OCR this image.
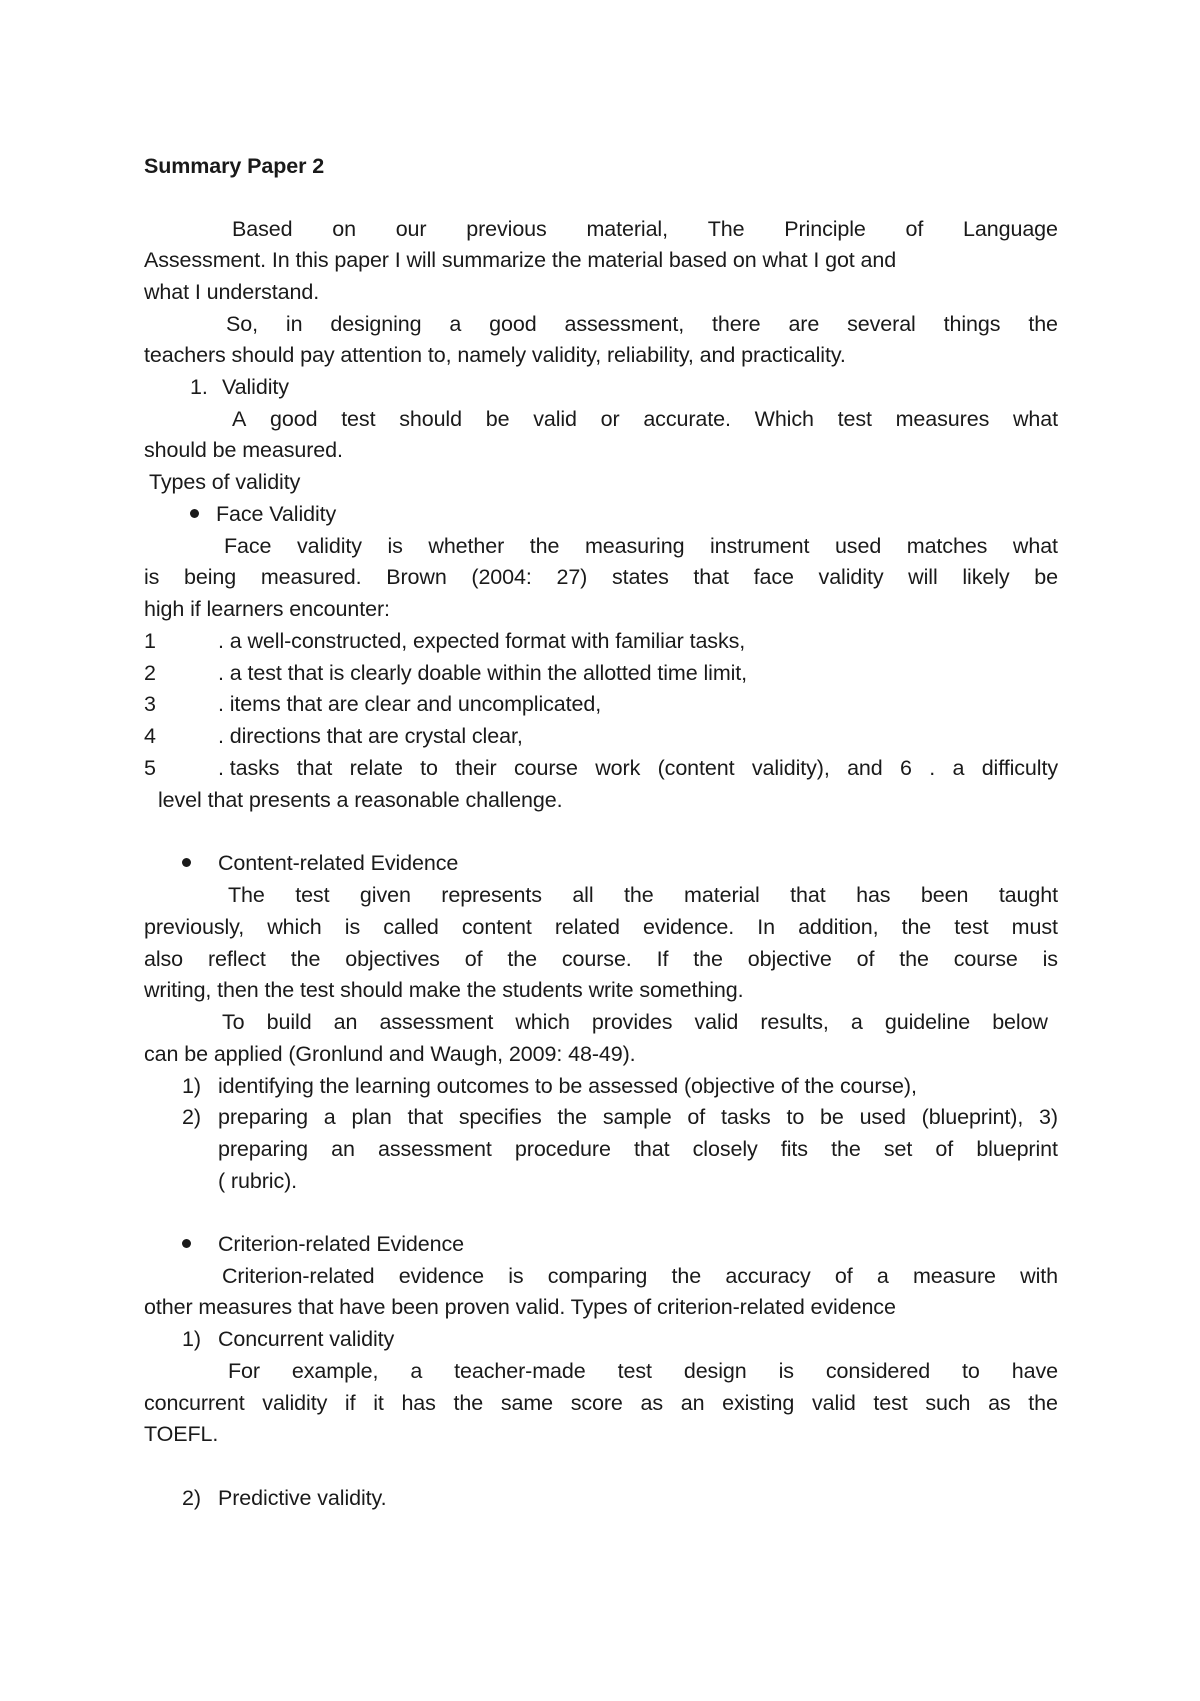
Summary Paper 2
Based on our previous material, The Principle of Language
Assessment. In this paper I will summarize the material based on what I got and
what I understand.
So, in designing a good assessment, there are several things the
teachers should pay attention to, namely validity, reliability, and practicality.
1. Validity
A good test should be valid or accurate. Which test measures what
should be measured.
Types of validity
Face Validity
Face validity is whether the measuring instrument used matches what
is being measured. Brown (2004: 27) states that face validity will likely be
high if learners encounter:
1	. a well-constructed, expected format with familiar tasks,
2	. a test that is clearly doable within the allotted time limit,
3	. items that are clear and uncomplicated,
4	. directions that are crystal clear,
5	. tasks that relate to their course work (content validity), and 6 . a difficulty
level that presents a reasonable challenge.
Content-related Evidence
The test given represents all the material that has been taught
previously, which is called content related evidence. In addition, the test must
also reflect the objectives of the course. If the objective of the course is
writing, then the test should make the students write something.
To build an assessment which provides valid results, a guideline below
can be applied (Gronlund and Waugh, 2009: 48-49).
1) identifying the learning outcomes to be assessed (objective of the course),
2) preparing a plan that specifies the sample of tasks to be used (blueprint), 3)
preparing an assessment procedure that closely fits the set of blueprint
( rubric).
Criterion-related Evidence
Criterion-related evidence is comparing the accuracy of a measure with
other measures that have been proven valid. Types of criterion-related evidence
1) Concurrent validity
For example, a teacher-made test design is considered to have
concurrent validity if it has the same score as an existing valid test such as the
TOEFL.
2) Predictive validity.
